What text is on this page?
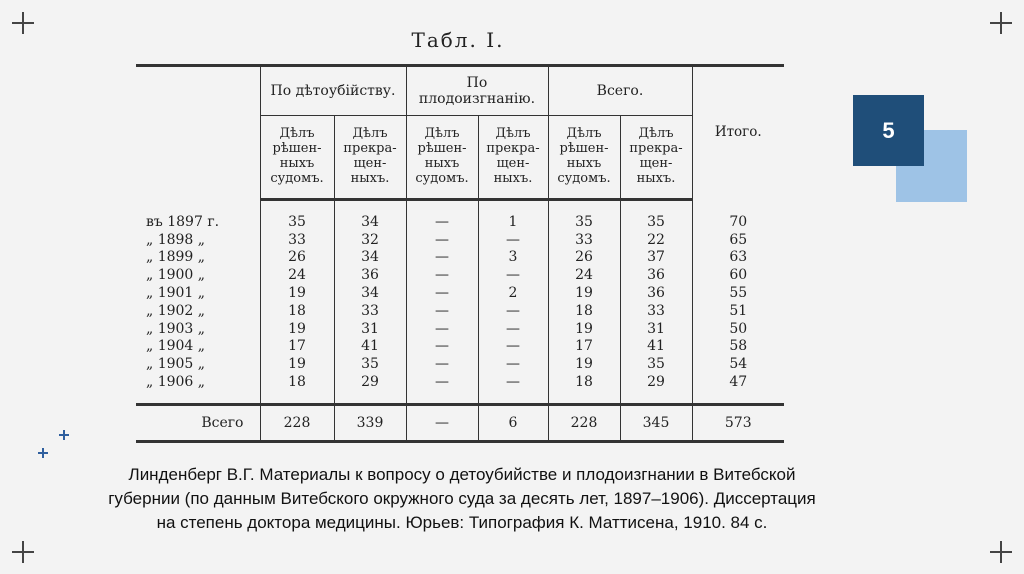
5
Табл. I.
	По дѣтоубійству.		По плодоизгнанію.		Всего.		Итого.
	Дѣлъ
рѣшен-
ныхъ
судомъ.	Дѣлъ
прекра-
щен-
ныхъ.	Дѣлъ
рѣшен-
ныхъ
судомъ.	Дѣлъ
прекра-
щен-
ныхъ.	Дѣлъ
рѣшен-
ныхъ
судомъ.	Дѣлъ
прекра-
щен-
ныхъ.	

въ 1897 г.	35	34	—	1	35	35	70
„ 1898 „	33	32	—	—	33	22	65
„ 1899 „	26	34	—	3	26	37	63
„ 1900 „	24	36	—	—	24	36	60
„ 1901 „	19	34	—	2	19	36	55
„ 1902 „	18	33	—	—	18	33	51
„ 1903 „	19	31	—	—	19	31	50
„ 1904 „	17	41	—	—	17	41	58
„ 1905 „	19	35	—	—	19	35	54
„ 1906 „	18	29	—	—	18	29	47

Всего	228	339	—	6	228	345	573
Линденберг В.Г. Материалы к вопросу о детоубийстве и плодоизгнании в Витебской губернии (по данным Витебского окружного суда за десять лет, 1897–1906). Диссертация на степень доктора медицины. Юрьев: Типография К. Маттисена, 1910. 84 с.
